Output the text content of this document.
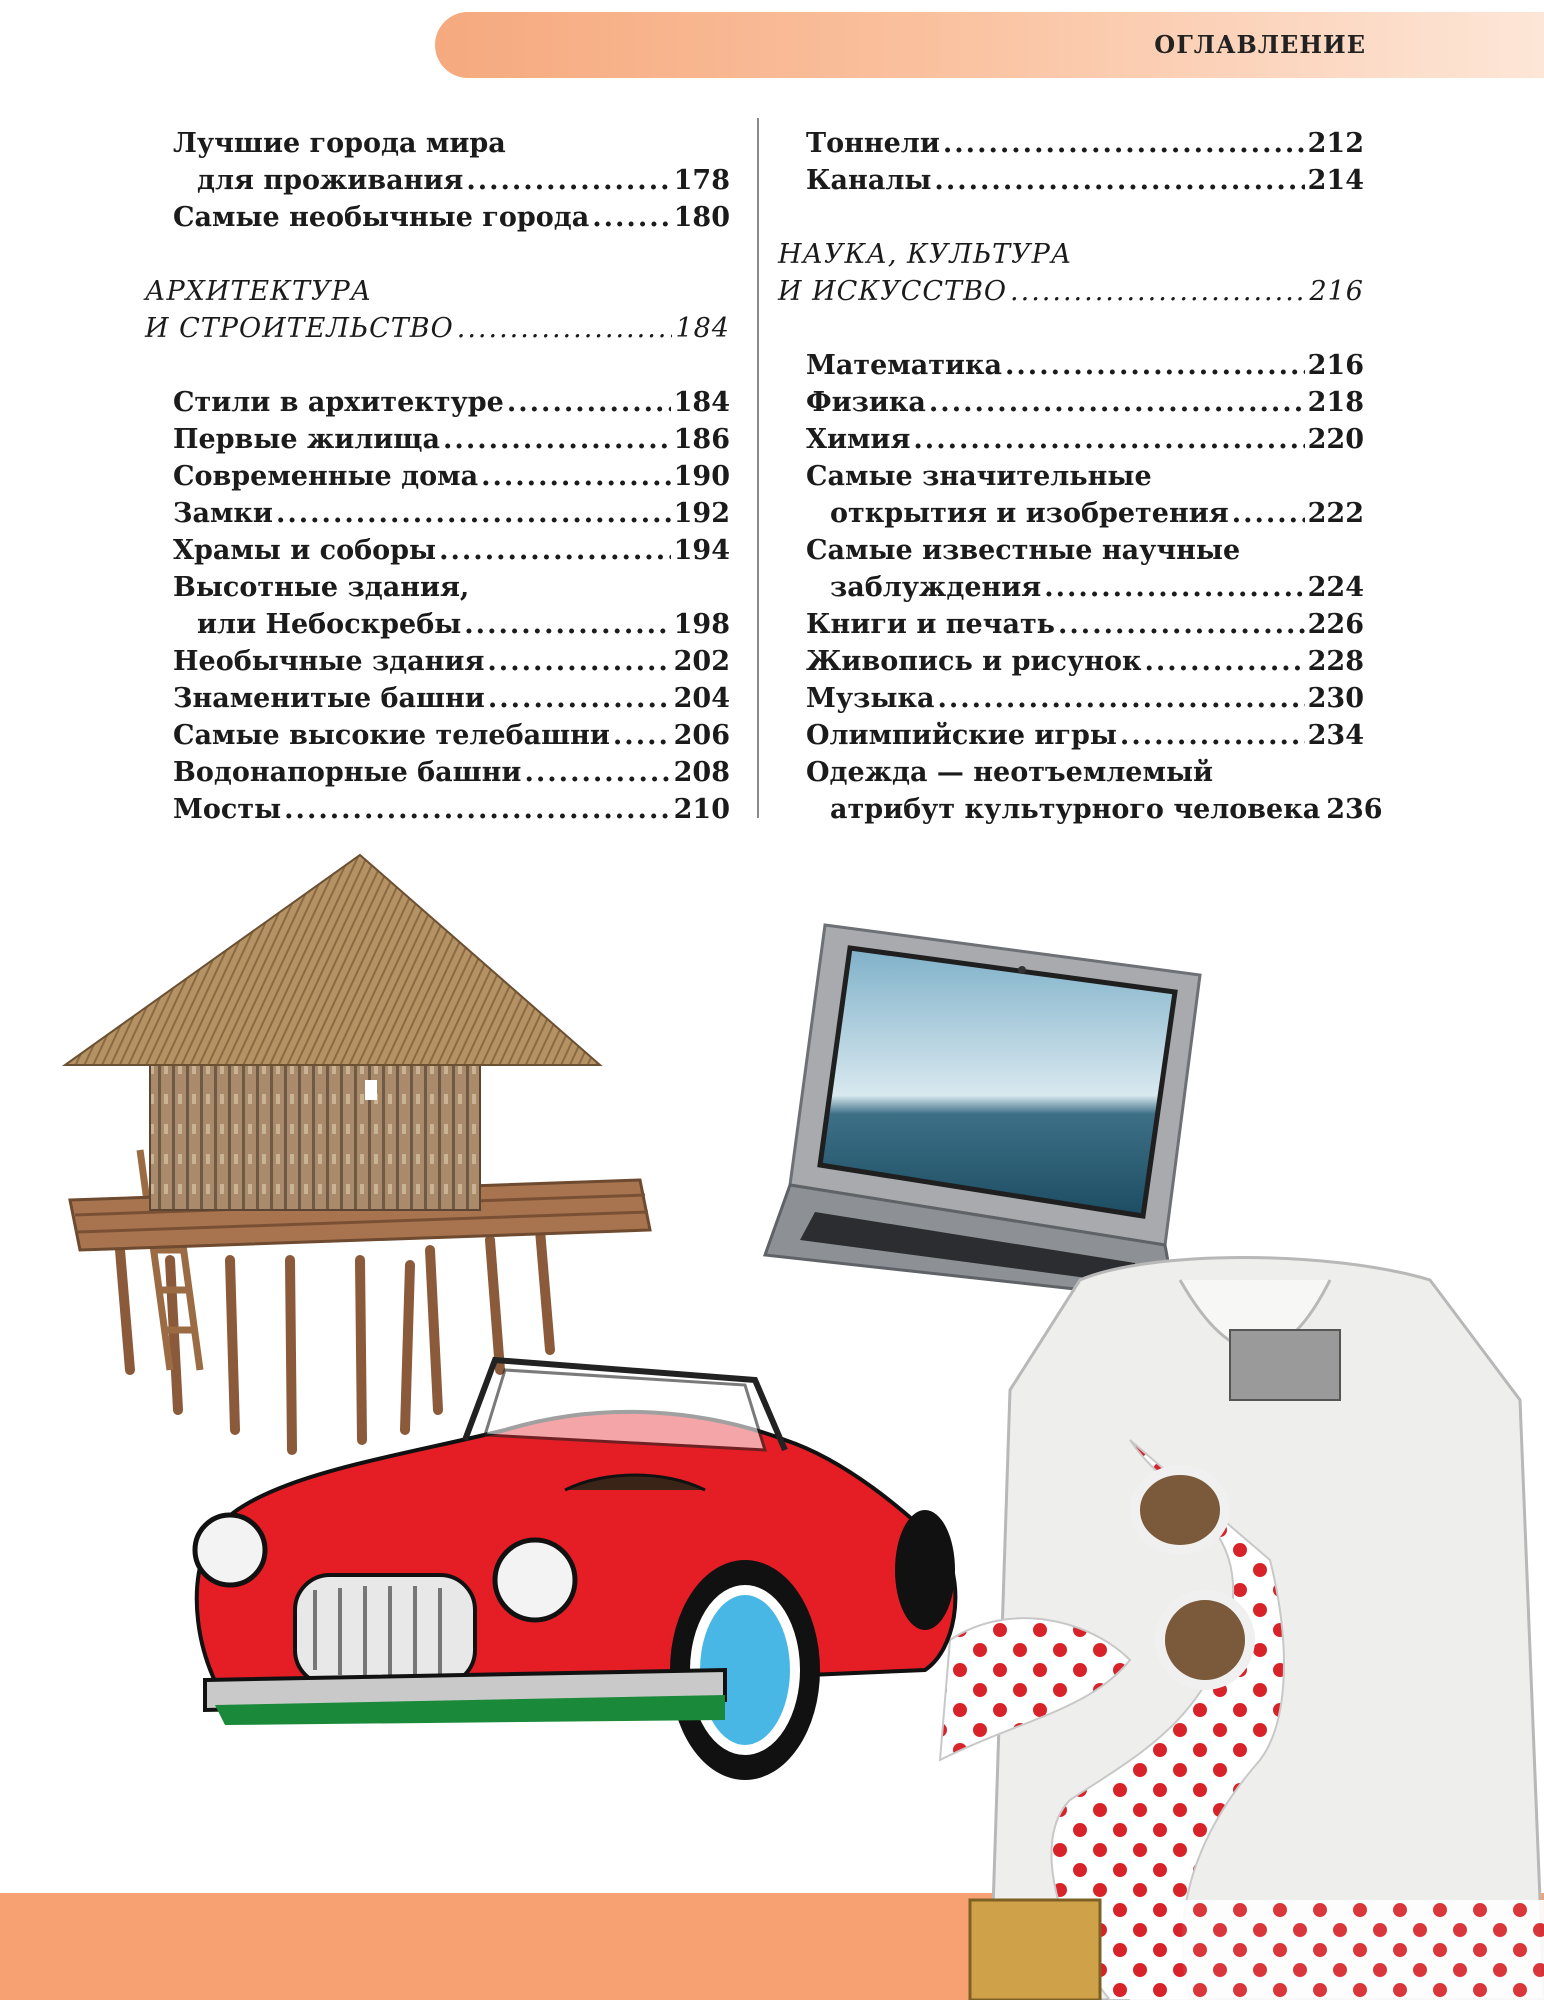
ОГЛАВЛЕНИЕ
Лучшие города мира
для проживания .....	178
Самые необычные города .....	180
АРХИТЕКТУРА
И СТРОИТЕЛЬСТВО .....	184
Стили в архитектуре .....	184
Первые жилища .....	186
Современные дома .....	190
Замки .....	192
Храмы и соборы .....	194
Высотные здания,
или Небоскребы .....	198
Необычные здания .....	202
Знаменитые башни .....	204
Самые высокие телебашни ..... 206
Водонапорные башни .....	208
Мосты .....	210
Тоннели .....	212
Каналы .....	214
НАУКА, КУЛЬТУРА
И ИСКУССТВО .....	216
Математика .....	216
Физика .....	218
Химия .....	220
Самые значительные
открытия и изобретения .....	222
Самые известные научные
заблуждения .....	224
Книги и печать .....	226
Живопись и рисунок .....	228
Музыка .....	230
Олимпийские игры .....	234
Одежда — неотъемлемый
атрибут культурного человека 236
